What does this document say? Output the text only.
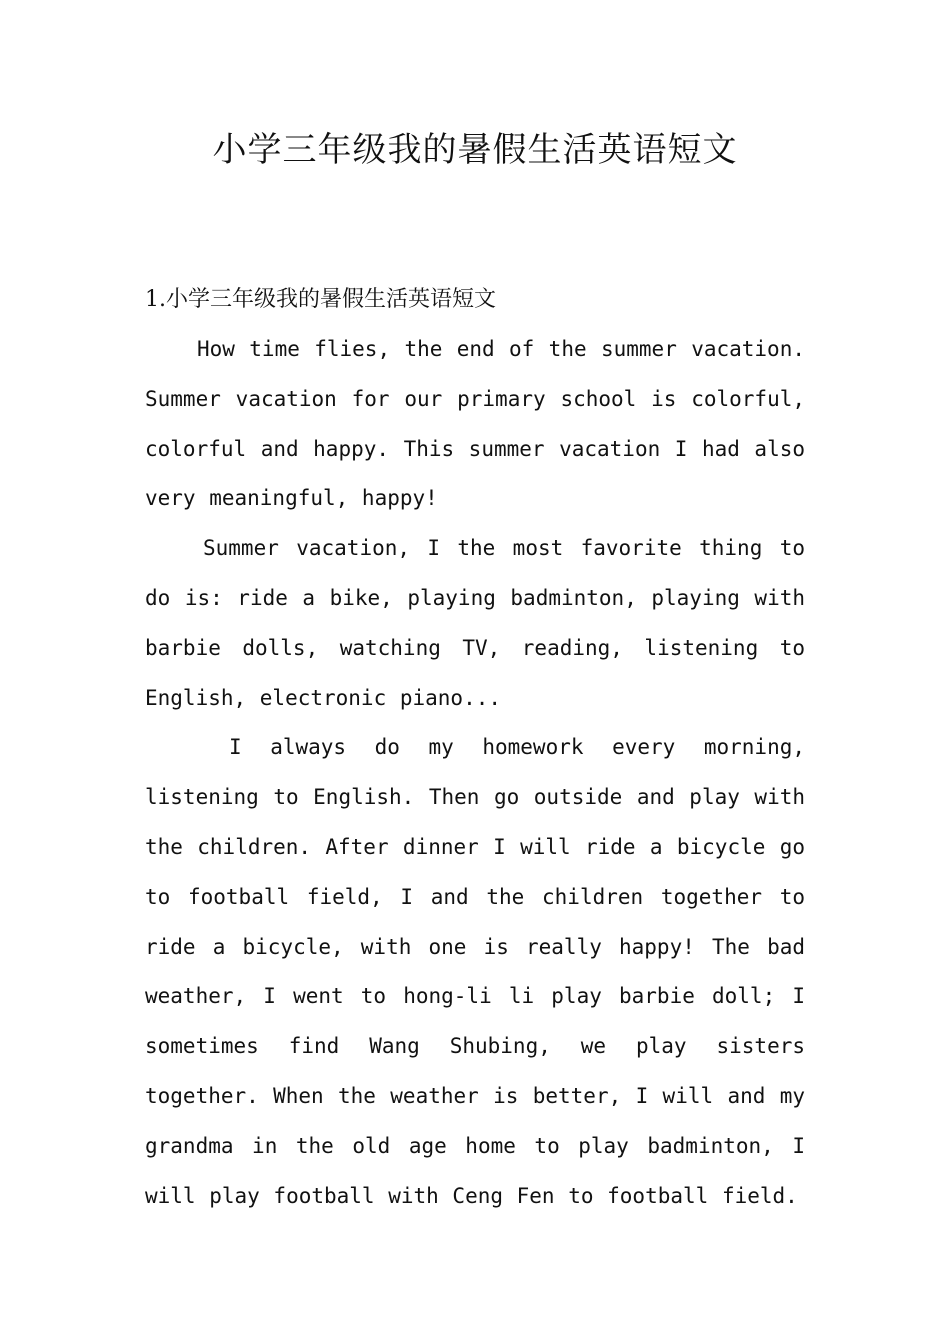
小学三年级我的暑假生活英语短文
1.小学三年级我的暑假生活英语短文

How time flies, the end of the summer vacation. Summer vacation for our primary school is colorful, colorful and happy. This summer vacation I had also very meaningful, happy!

Summer vacation, I the most favorite thing to do is: ride a bike, playing badminton, playing with barbie dolls, watching TV, reading, listening to English, electronic piano...

I always do my homework every morning, listening to English. Then go outside and play with the children. After dinner I will ride a bicycle go to football field, I and the children together to ride a bicycle, with one is really happy! The bad weather, I went to hong-li li play barbie doll; I sometimes find Wang Shubing, we play sisters together. When the weather is better, I will and my grandma in the old age home to play badminton, I will play football with Ceng Fen to football field.
